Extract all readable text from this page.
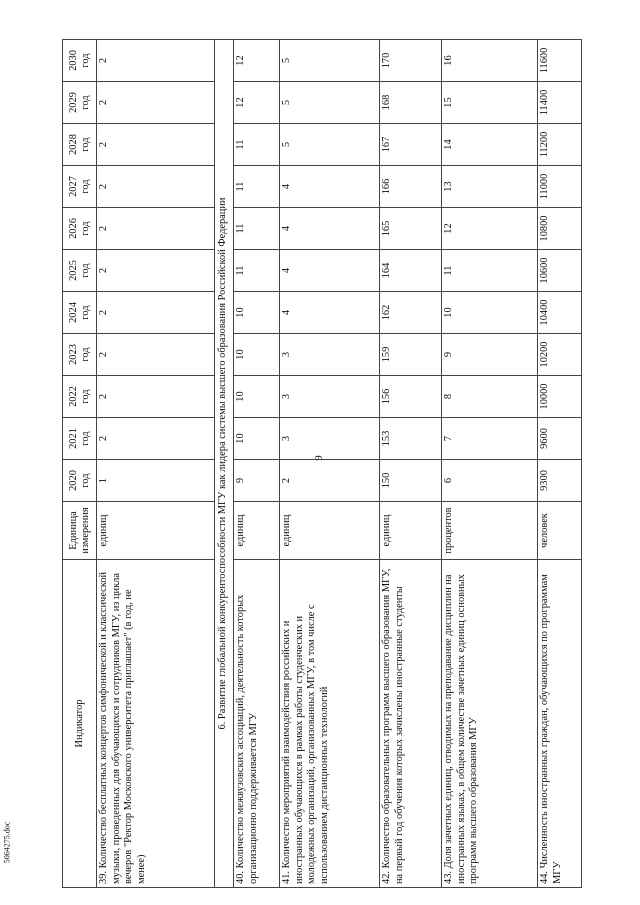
9
5064275.doc
Индикатор	Единица измерения	2020 год	2021 год	2022 год	2023 год	2024 год	2025 год	2026 год	2027 год	2028 год	2029 год	2030 год
39. Количество бесплатных концертов симфонической и классической музыки, проведенных для обучающихся и сотрудников МГУ, из цикла вечеров "Ректор Московского университета приглашает" (в год, не менее)	единиц	1	2	2	2	2	2	2	2	2	2	2
6. Развитие глобальной конкурентоспособности МГУ как лидера системы высшего образования Российской Федерации												
40. Количество межвузовских ассоциаций, деятельность которых организационно поддерживается МГУ	единиц	9	10	10	10	10	11	11	11	11	12	12
41. Количество мероприятий взаимодействия российских и иностранных обучающихся в рамках работы студенческих и молодежных организаций, организованных МГУ, в том числе с использованием дистанционных технологий	единиц	2	3	3	3	4	4	4	4	5	5	5
42. Количество образовательных программ высшего образования МГУ, на первый год обучения которых зачислены иностранные студенты	единиц	150	153	156	159	162	164	165	166	167	168	170
43. Доля зачетных единиц, отводимых на преподавание дисциплин на иностранных языках, в общем количестве зачетных единиц основных программ высшего образования МГУ	процентов	6	7	8	9	10	11	12	13	14	15	16
44. Численность иностранных граждан, обучающихся по программам МГУ	человек	9300	9600	10000	10200	10400	10600	10800	11000	11200	11400	11600
